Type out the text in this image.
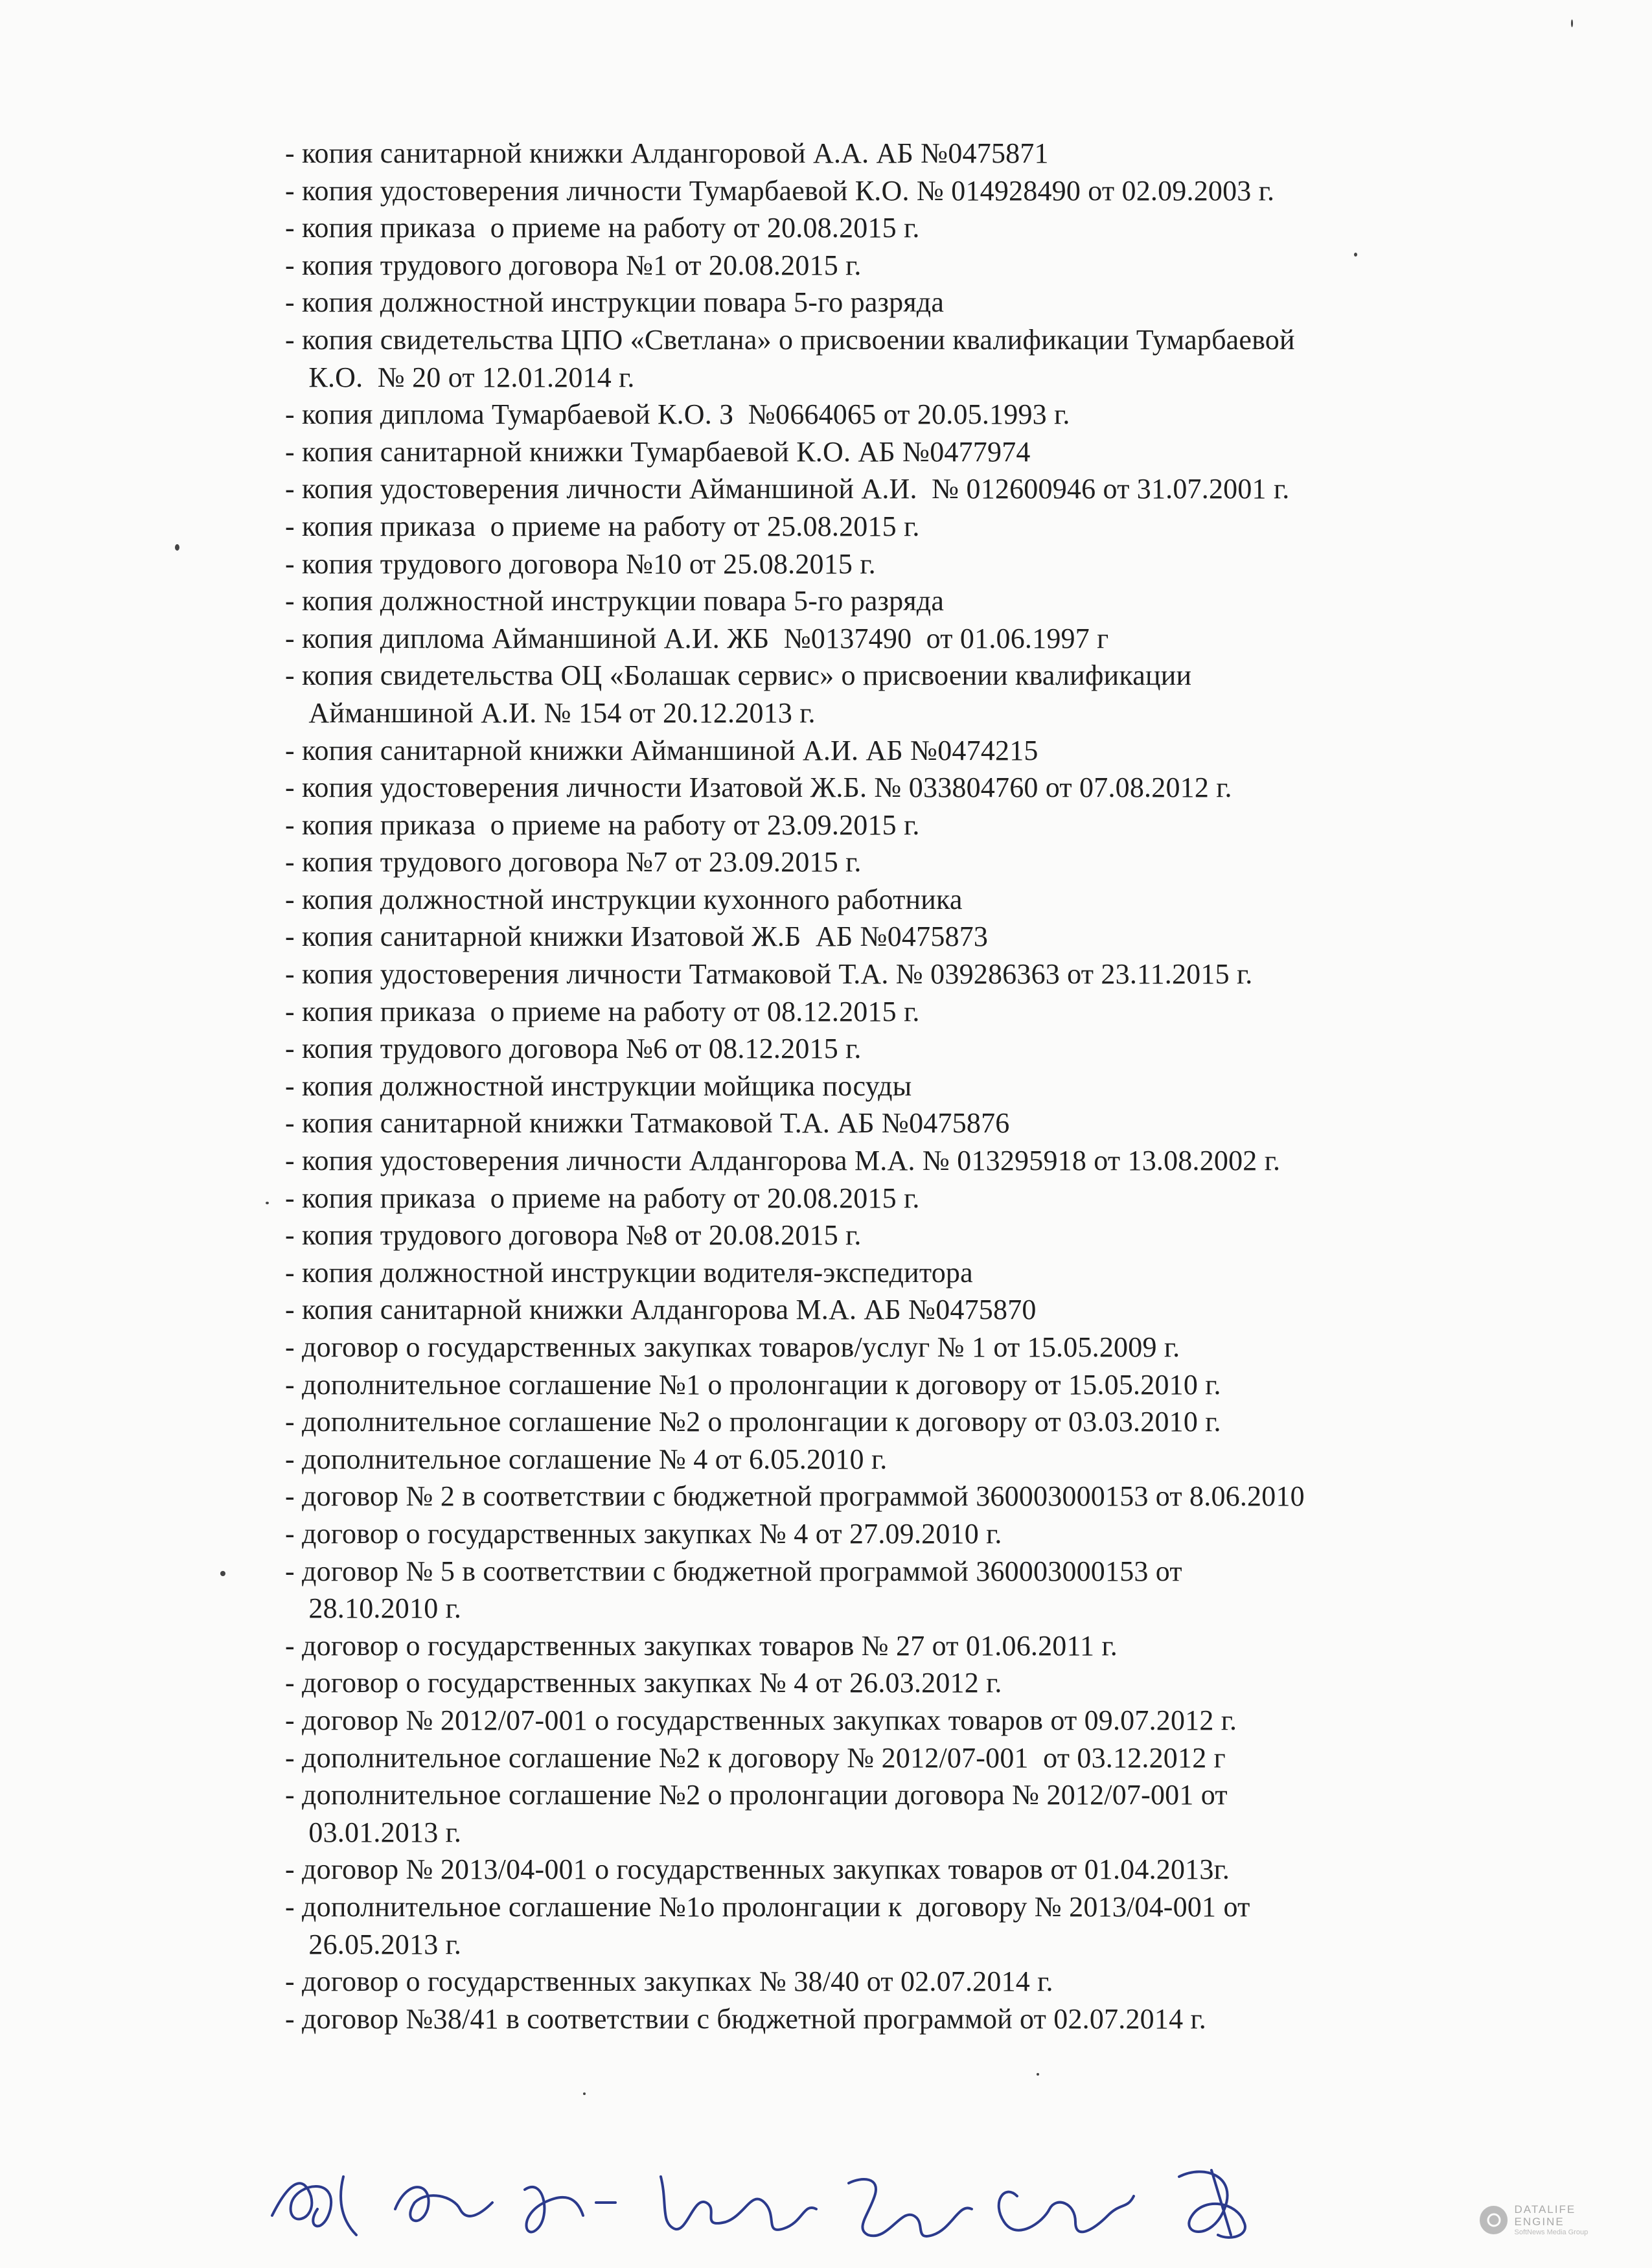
- копия санитарной книжки Алдангоровой А.А. АБ №0475871
- копия удостоверения личности Тумарбаевой К.О. № 014928490 от 02.09.2003 г.
- копия приказа  о приеме на работу от 20.08.2015 г.
- копия трудового договора №1 от 20.08.2015 г.
- копия должностной инструкции повара 5-го разряда
- копия свидетельства ЦПО «Светлана» о присвоении квалификации Тумарбаевой
К.О.  № 20 от 12.01.2014 г.
- копия диплома Тумарбаевой К.О. З  №0664065 от 20.05.1993 г.
- копия санитарной книжки Тумарбаевой К.О. АБ №0477974
- копия удостоверения личности Айманшиной А.И.  № 012600946 от 31.07.2001 г.
- копия приказа  о приеме на работу от 25.08.2015 г.
- копия трудового договора №10 от 25.08.2015 г.
- копия должностной инструкции повара 5-го разряда
- копия диплома Айманшиной А.И. ЖБ  №0137490  от 01.06.1997 г
- копия свидетельства ОЦ «Болашак сервис» о присвоении квалификации
Айманшиной А.И. № 154 от 20.12.2013 г.
- копия санитарной книжки Айманшиной А.И. АБ №0474215
- копия удостоверения личности Изатовой Ж.Б. № 033804760 от 07.08.2012 г.
- копия приказа  о приеме на работу от 23.09.2015 г.
- копия трудового договора №7 от 23.09.2015 г.
- копия должностной инструкции кухонного работника
- копия санитарной книжки Изатовой Ж.Б  АБ №0475873
- копия удостоверения личности Татмаковой Т.А. № 039286363 от 23.11.2015 г.
- копия приказа  о приеме на работу от 08.12.2015 г.
- копия трудового договора №6 от 08.12.2015 г.
- копия должностной инструкции мойщика посуды
- копия санитарной книжки Татмаковой Т.А. АБ №0475876
- копия удостоверения личности Алдангорова М.А. № 013295918 от 13.08.2002 г.
- копия приказа  о приеме на работу от 20.08.2015 г.
- копия трудового договора №8 от 20.08.2015 г.
- копия должностной инструкции водителя-экспедитора
- копия санитарной книжки Алдангорова М.А. АБ №0475870
- договор о государственных закупках товаров/услуг № 1 от 15.05.2009 г.
- дополнительное соглашение №1 о пролонгации к договору от 15.05.2010 г.
- дополнительное соглашение №2 о пролонгации к договору от 03.03.2010 г.
- дополнительное соглашение № 4 от 6.05.2010 г.
- договор № 2 в соответствии с бюджетной программой 360003000153 от 8.06.2010
- договор о государственных закупках № 4 от 27.09.2010 г.
- договор № 5 в соответствии с бюджетной программой 360003000153 от
28.10.2010 г.
- договор о государственных закупках товаров № 27 от 01.06.2011 г.
- договор о государственных закупках № 4 от 26.03.2012 г.
- договор № 2012/07-001 о государственных закупках товаров от 09.07.2012 г.
- дополнительное соглашение №2 к договору № 2012/07-001  от 03.12.2012 г
- дополнительное соглашение №2 о пролонгации договора № 2012/07-001 от
03.01.2013 г.
- договор № 2013/04-001 о государственных закупках товаров от 01.04.2013г.
- дополнительное соглашение №1о пролонгации к  договору № 2013/04-001 от
26.05.2013 г.
- договор о государственных закупках № 38/40 от 02.07.2014 г.
- договор №38/41 в соответствии с бюджетной программой от 02.07.2014 г.
DATALIFE ENGINE
SoftNews Media Group
